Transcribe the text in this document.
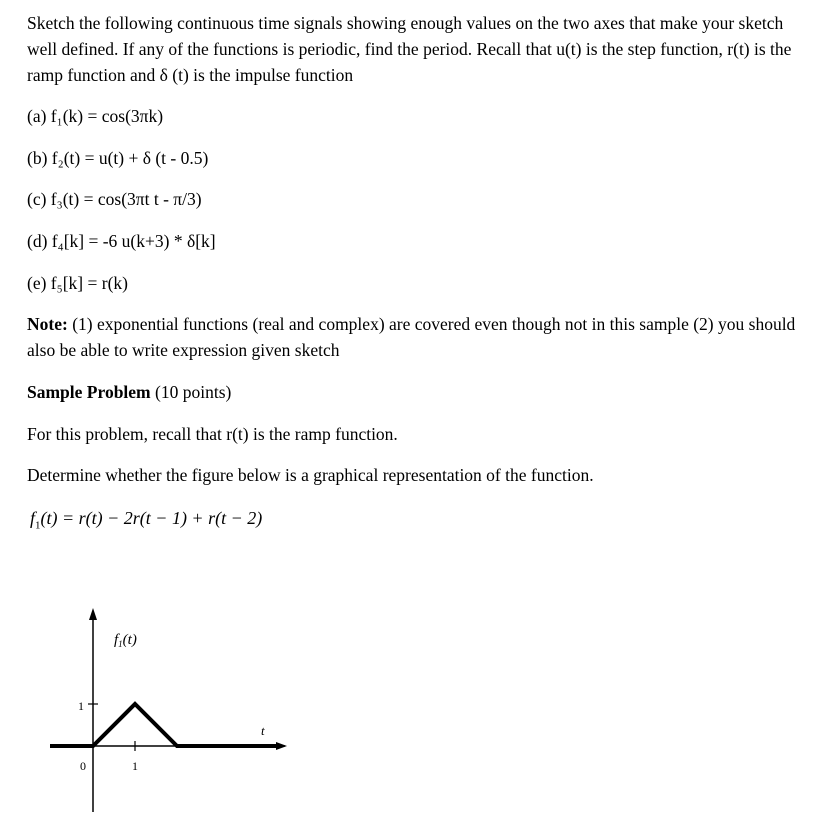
Sketch the following continuous time signals showing enough values on the two axes that make your sketch well defined. If any of the functions is periodic, find the period. Recall that u(t) is the step function, r(t) is the ramp function and δ (t) is the impulse function

(a) f₁(k) = cos(3πk)

(b) f₂(t) = u(t) + δ (t - 0.5)

(c) f₃(t) = cos(3πt t - π/3)

(d) f₄[k] = -6 u(k+3) * δ[k]

(e) f₅[k] = r(k)

Note: (1) exponential functions (real and complex) are covered even though not in this sample (2) you should also be able to write expression given sketch

Sample Problem (10 points)

For this problem, recall that r(t) is the ramp function.

Determine whether the figure below is a graphical representation of the function.

$f_1(t) = r(t) - 2r(t - 1) + r(t - 2)$
$f_1(t)$
t
1
1
0
